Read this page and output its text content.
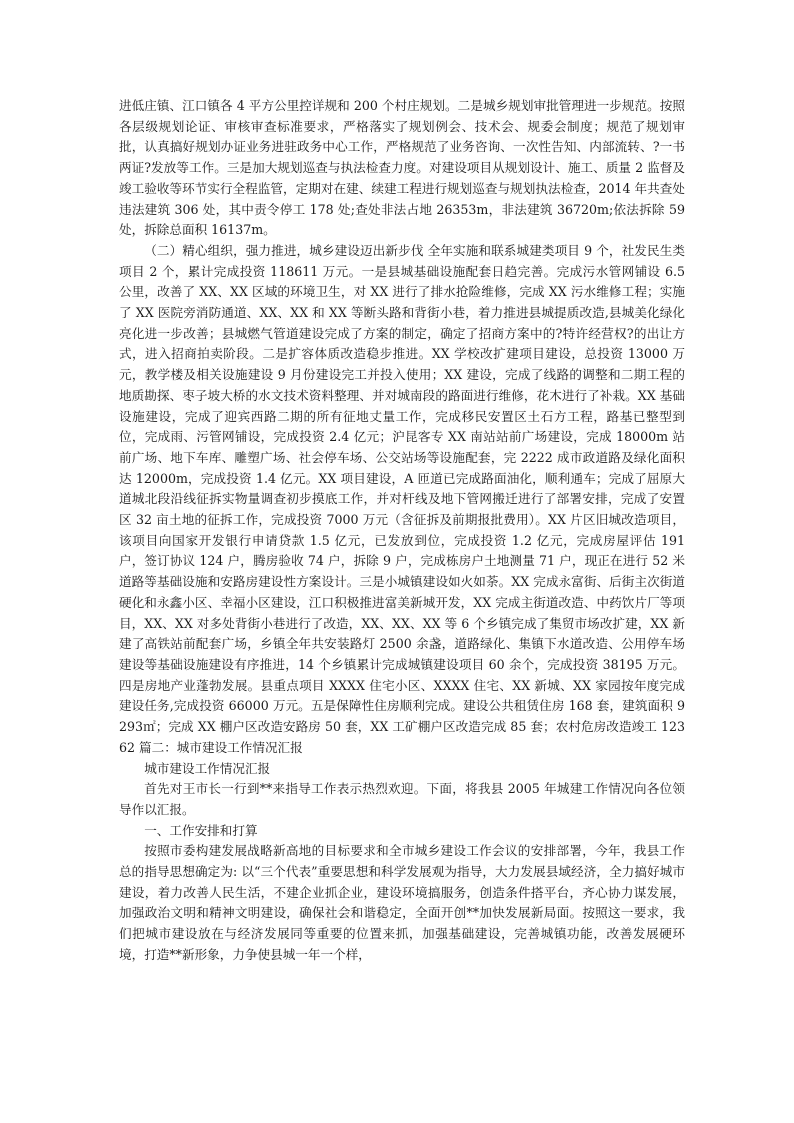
进低庄镇、江口镇各 4 平方公里控详规和 200 个村庄规划。二是城乡规划审批管理进一步规范。按照各层级规划论证、审核审查标准要求，严格落实了规划例会、技术会、规委会制度；规范了规划审批，认真搞好规划办证业务进驻政务中心工作，严格规范了业务咨询、一次性告知、内部流转、?一书两证?发放等工作。三是加大规划巡查与执法检查力度。对建设项目从规划设计、施工、质量 2 监督及竣工验收等环节实行全程监管，定期对在建、续建工程进行规划巡查与规划执法检查，2014 年共查处违法建筑 306 处，其中责令停工 178 处;查处非法占地 26353m，非法建筑 36720m;依法拆除 59 处，拆除总面积 16137m。

（二）精心组织，强力推进，城乡建设迈出新步伐 全年实施和联系城建类项目 9 个，社发民生类项目 2 个，累计完成投资 118611 万元。一是县城基础设施配套日趋完善。完成污水管网铺设 6.5 公里，改善了 XX、XX 区域的环境卫生，对 XX 进行了排水抢险维修，完成 XX 污水维修工程；实施了 XX 医院旁消防通道、XX、XX 和 XX 等断头路和背街小巷，着力推进县城提质改造,县城美化绿化亮化进一步改善；县城燃气管道建设完成了方案的制定，确定了招商方案中的?特许经营权?的出让方式，进入招商拍卖阶段。二是扩容体质改造稳步推进。XX 学校改扩建项目建设，总投资 13000 万元，教学楼及相关设施建设 9 月份建设完工并投入使用；XX 建设，完成了线路的调整和二期工程的地质勘探、枣子坡大桥的水文技术资料整理、并对城南段的路面进行维修，花木进行了补栽。XX 基础设施建设，完成了迎宾西路二期的所有征地丈量工作，完成移民安置区土石方工程，路基已整型到位，完成雨、污管网铺设，完成投资 2.4 亿元；沪昆客专 XX 南站站前广场建设，完成 18000m 站前广场、地下车库、雕塑广场、社会停车场、公交站场等设施配套，完 2222 成市政道路及绿化面积达 12000m，完成投资 1.4 亿元。XX 项目建设，A 匝道已完成路面油化，顺利通车；完成了屈原大道城北段沿线征拆实物量调查初步摸底工作，并对杆线及地下管网搬迁进行了部署安排，完成了安置区 32 亩土地的征拆工作，完成投资 7000 万元（含征拆及前期报批费用）。XX 片区旧城改造项目，该项目向国家开发银行申请贷款 1.5 亿元，已发放到位，完成投资 1.2 亿元，完成房屋评估 191 户，签订协议 124 户，腾房验收 74 户，拆除 9 户，完成栋房户土地测量 71 户，现正在进行 52 米道路等基础设施和安路房建设性方案设计。三是小城镇建设如火如荼。XX 完成永富街、后街主次街道硬化和永鑫小区、幸福小区建设，江口积极推进富美新城开发，XX 完成主街道改造、中药饮片厂等项目，XX、XX 对多处背街小巷进行了改造，XX、XX、XX 等 6 个乡镇完成了集贸市场改扩建，XX 新建了高铁站前配套广场，乡镇全年共安装路灯 2500 余盏，道路绿化、集镇下水道改造、公用停车场建设等基础设施建设有序推进，14 个乡镇累计完成城镇建设项目 60 余个，完成投资 38195 万元。四是房地产业蓬勃发展。县重点项目 XXXX 住宅小区、XXXX 住宅、XX 新城、XX 家园按年度完成建设任务,完成投资 66000 万元。五是保障性住房顺利完成。建设公共租赁住房 168 套，建筑面积 9293㎡；完成 XX 棚户区改造安路房 50 套，XX 工矿棚户区改造完成 85 套；农村危房改造竣工 12362 篇二：城市建设工作情况汇报

城市建设工作情况汇报

首先对王市长一行到**来指导工作表示热烈欢迎。下面，将我县 2005 年城建工作情况向各位领导作以汇报。

一、工作安排和打算

按照市委构建发展战略新高地的目标要求和全市城乡建设工作会议的安排部署，今年，我县工作总的指导思想确定为: 以“三个代表”重要思想和科学发展观为指导，大力发展县域经济，全力搞好城市建设，着力改善人民生活，不建企业抓企业，建设环境搞服务，创造条件搭平台，齐心协力谋发展，加强政治文明和精神文明建设，确保社会和谐稳定，全面开创**加快发展新局面。按照这一要求，我们把城市建设放在与经济发展同等重要的位置来抓，加强基础建设，完善城镇功能，改善发展硬环境，打造**新形象，力争使县城一年一个样，
